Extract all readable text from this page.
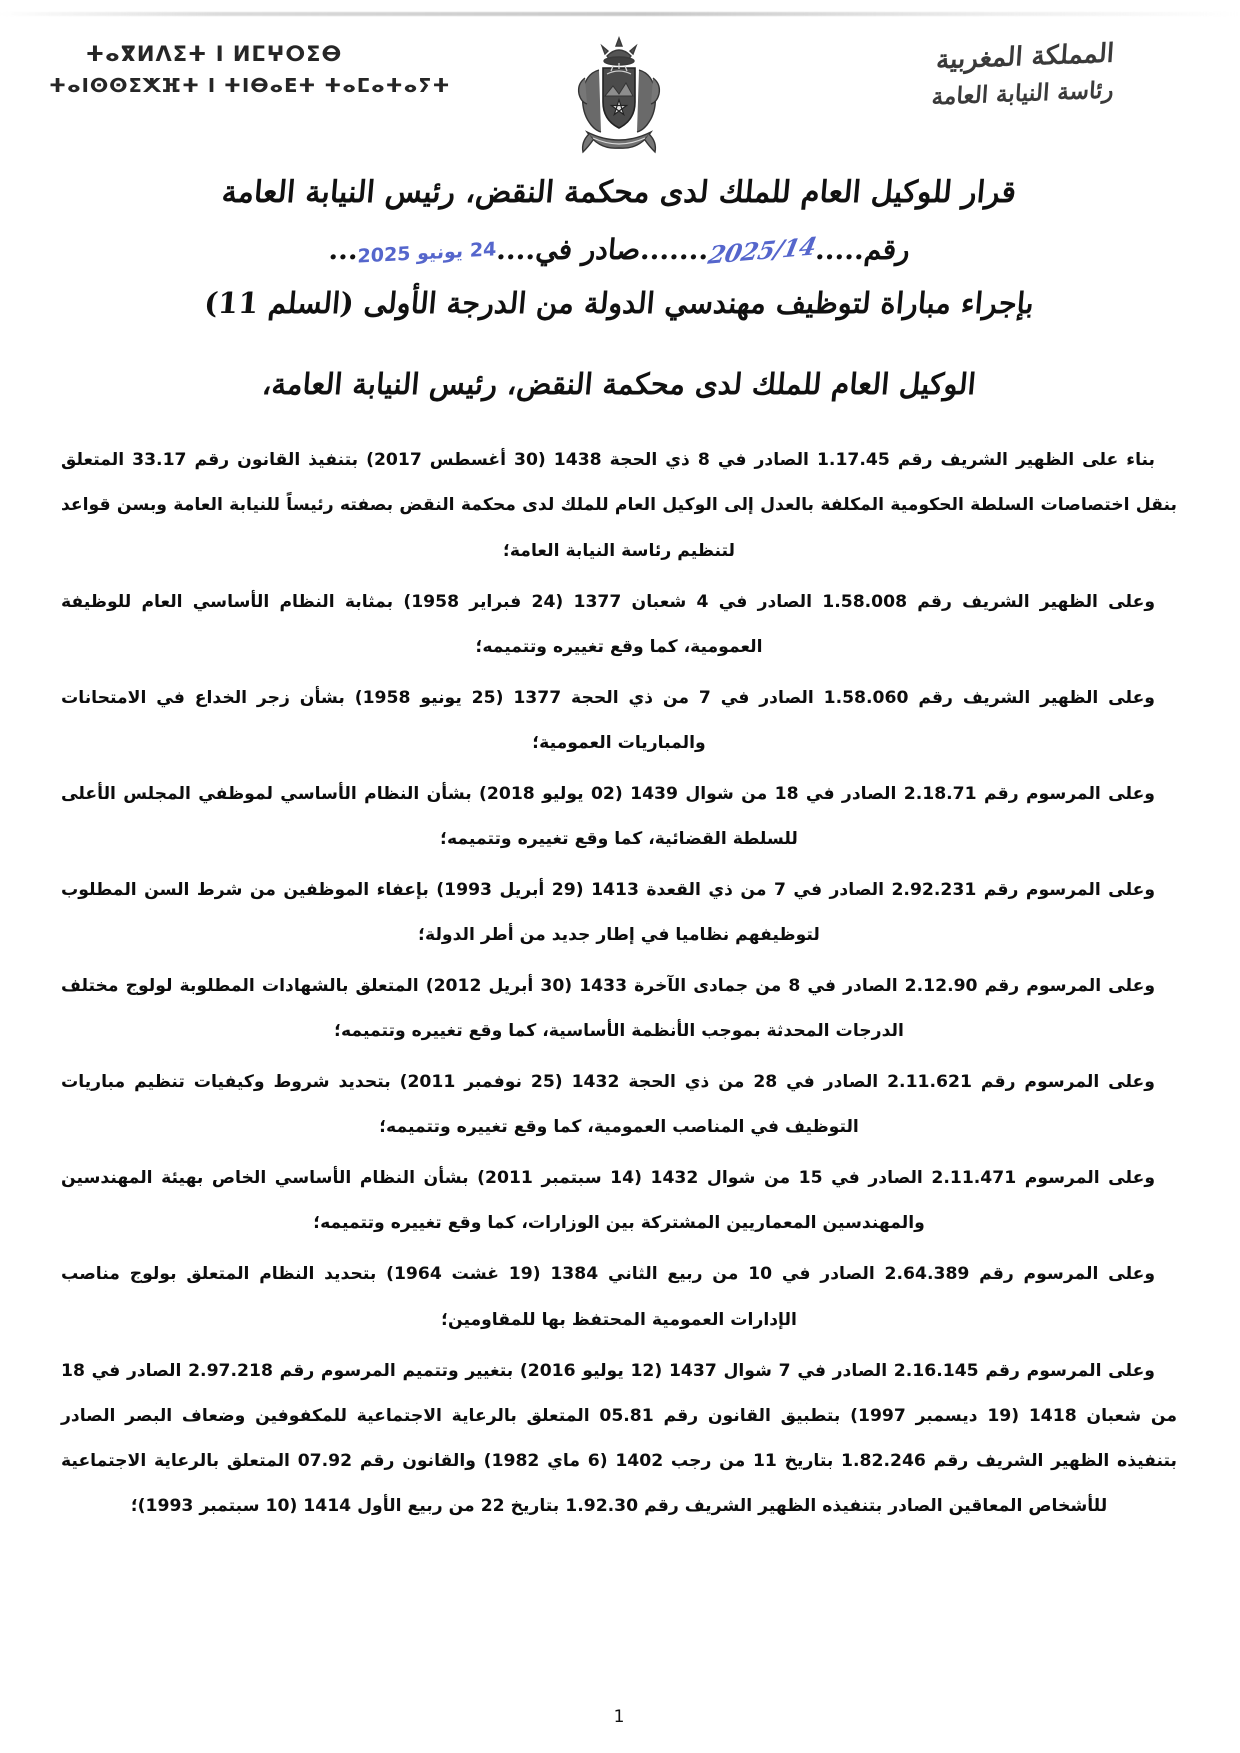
المملكة المغربية
رئاسة النيابة العامة
ⵜⴰⴳⵍⴷⵉⵜ ⵏ ⵍⵎⵖⵔⵉⴱ
ⵜⴰⵏⵙⵙⵉⵅⴼⵜ ⵏ ⵜⵏⴱⴰⴹⵜ ⵜⴰⵎⴰⵜⴰⵢⵜ
قرار للوكيل العام للملك لدى محكمة النقض، رئيس النيابة العامة
رقم.....2025/14.......صادر في....24 يونيو 2025...
بإجراء مباراة لتوظيف مهندسي الدولة من الدرجة الأولى (السلم 11)
الوكيل العام للملك لدى محكمة النقض، رئيس النيابة العامة،

بناء على الظهير الشريف رقم 1.17.45 الصادر في 8 ذي الحجة 1438 (30 أغسطس 2017) بتنفيذ القانون رقم 33.17 المتعلق بنقل اختصاصات السلطة الحكومية المكلفة بالعدل إلى الوكيل العام للملك لدى محكمة النقض بصفته رئيساً للنيابة العامة وبسن قواعد لتنظيم رئاسة النيابة العامة؛

وعلى الظهير الشريف رقم 1.58.008 الصادر في 4 شعبان 1377 (24 فبراير 1958) بمثابة النظام الأساسي العام للوظيفة العمومية، كما وقع تغييره وتتميمه؛

وعلى الظهير الشريف رقم 1.58.060 الصادر في 7 من ذي الحجة 1377 (25 يونيو 1958) بشأن زجر الخداع في الامتحانات والمباريات العمومية؛

وعلى المرسوم رقم 2.18.71 الصادر في 18 من شوال 1439 (02 يوليو 2018) بشأن النظام الأساسي لموظفي المجلس الأعلى للسلطة القضائية، كما وقع تغييره وتتميمه؛

وعلى المرسوم رقم 2.92.231 الصادر في 7 من ذي القعدة 1413 (29 أبريل 1993) بإعفاء الموظفين من شرط السن المطلوب لتوظيفهم نظاميا في إطار جديد من أطر الدولة؛

وعلى المرسوم رقم 2.12.90 الصادر في 8 من جمادى الآخرة 1433 (30 أبريل 2012) المتعلق بالشهادات المطلوبة لولوج مختلف الدرجات المحدثة بموجب الأنظمة الأساسية، كما وقع تغييره وتتميمه؛

وعلى المرسوم رقم 2.11.621 الصادر في 28 من ذي الحجة 1432 (25 نوفمبر 2011) بتحديد شروط وكيفيات تنظيم مباريات التوظيف في المناصب العمومية، كما وقع تغييره وتتميمه؛

وعلى المرسوم 2.11.471 الصادر في 15 من شوال 1432 (14 سبتمبر 2011) بشأن النظام الأساسي الخاص بهيئة المهندسين والمهندسين المعماريين المشتركة بين الوزارات، كما وقع تغييره وتتميمه؛

وعلى المرسوم رقم 2.64.389 الصادر في 10 من ربيع الثاني 1384 (19 غشت 1964) بتحديد النظام المتعلق بولوج مناصب الإدارات العمومية المحتفظ بها للمقاومين؛

وعلى المرسوم رقم 2.16.145 الصادر في 7 شوال 1437 (12 يوليو 2016) بتغيير وتتميم المرسوم رقم 2.97.218 الصادر في 18 من شعبان 1418 (19 ديسمبر 1997) بتطبيق القانون رقم 05.81 المتعلق بالرعاية الاجتماعية للمكفوفين وضعاف البصر الصادر بتنفيذه الظهير الشريف رقم 1.82.246 بتاريخ 11 من رجب 1402 (6 ماي 1982) والقانون رقم 07.92 المتعلق بالرعاية الاجتماعية للأشخاص المعاقين الصادر بتنفيذه الظهير الشريف رقم 1.92.30 بتاريخ 22 من ربيع الأول 1414 (10 سبتمبر 1993)؛

1
